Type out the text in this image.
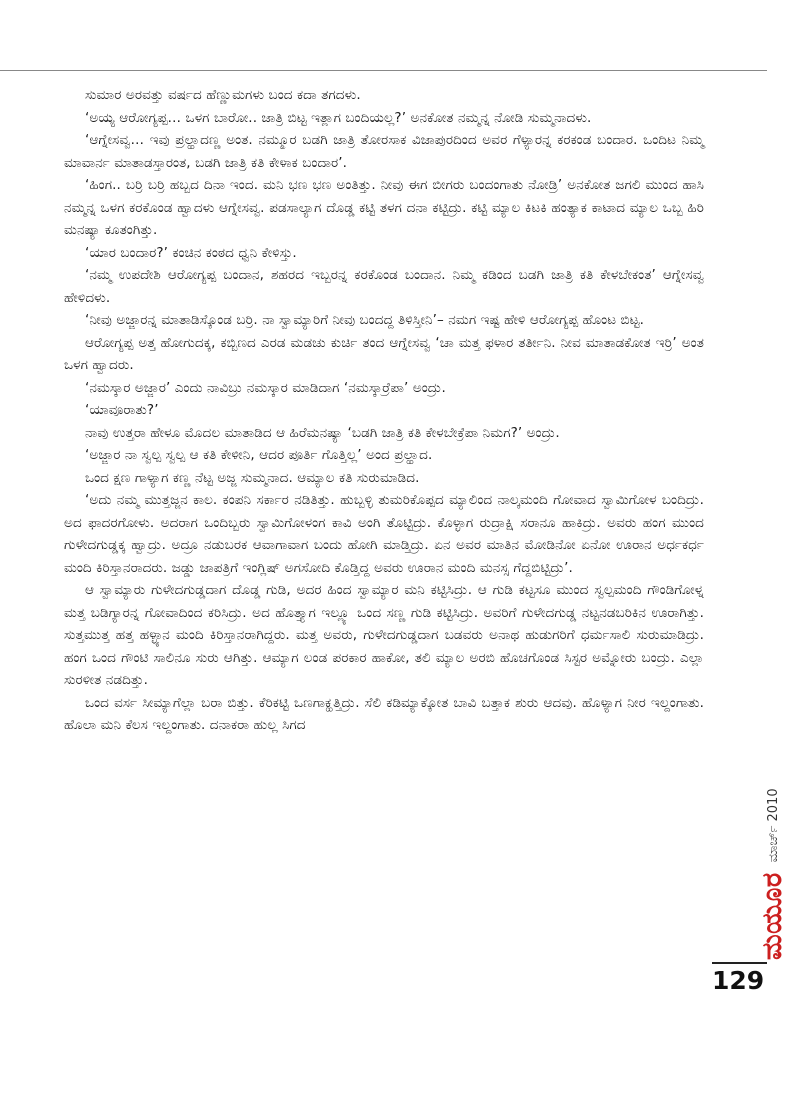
ಸುಮಾರ ಅರವತ್ತು ವರ್ಷದ ಹೆಣ್ಣುಮಗಳು ಬಂದ ಕದಾ ತಗದಳು.

‘ಅಯ್ಯ ಆರೋಗ್ಯಪ್ಪ… ಒಳಗ ಬಾರೋ.. ಜಾತ್ರಿ ಬಿಟ್ಟ ಇತ್ಲಾಗ ಬಂದಿಯಲ್ಲ?’ ಅನಕೋತ ನಮ್ಮನ್ನ ನೋಡಿ ಸುಮ್ಮನಾದಳು.

‘ಆಗ್ನೇಸವ್ವ… ಇವು ಪ್ರಲ್ಹಾದಣ್ಣ ಅಂತ. ನಮ್ಮೂರ ಬಡಗಿ ಜಾತ್ರಿ ತೋರಸಾಕ ವಿಜಾಪುರದಿಂದ ಅವರ ಗೆಳ್ಯಾರನ್ನ ಕರಕಂಡ ಬಂದಾರ. ಒಂದಿಟ ನಿಮ್ಮ ಮಾವಾರ್ನ ಮಾತಾಡಸ್ತಾರಂತ, ಬಡಗಿ ಜಾತ್ರಿ ಕತಿ ಕೇಳಾಕ ಬಂದಾರ’.

‘ಹಿಂಗ.. ಬರ್ರಿ ಬರ್ರಿ ಹಬ್ಬದ ದಿನಾ ಇಂದ. ಮನಿ ಭಣ ಭಣ ಅಂತಿತ್ತು. ನೀವು ಈಗ ಬೀಗರು ಬಂದಂಗಾತು ನೋಡ್ರಿ’ ಅನಕೋತ ಜಗಲಿ ಮುಂದ ಹಾಸಿ ನಮ್ಮನ್ನ ಒಳಗ ಕರಕೊಂಡ ಹ್ವಾದಳು ಆಗ್ನೇಸವ್ವ. ಪಡಸಾಲ್ಯಾಗ ದೊಡ್ಡ ಕಟ್ಟಿ ತಳಗ ದನಾ ಕಟ್ಟಿದ್ರು. ಕಟ್ಟಿ ಮ್ಯಾಲ ಕಿಟಕಿ ಹಂತ್ಯಾಕ ಕಾಟಾದ ಮ್ಯಾಲ ಒಬ್ಬ ಹಿರಿ ಮನಷ್ಯಾ ಕೂತಂಗಿತ್ತು.

‘ಯಾರ ಬಂದಾರ?’ ಕಂಚಿನ ಕಂಠದ ಧ್ವನಿ ಕೇಳಿಸ್ತು.

‘ನಮ್ಮ ಉಪದೇಶಿ ಆರೋಗ್ಯಪ್ಪ ಬಂದಾನ, ಶಹರದ ಇಬ್ಬರನ್ನ ಕರಕೊಂಡ ಬಂದಾನ. ನಿಮ್ಮ ಕಡಿಂದ ಬಡಗಿ ಜಾತ್ರಿ ಕತಿ ಕೇಳಬೇಕಂತ’ ಆಗ್ನೇಸವ್ವ ಹೇಳಿದಳು.

‘ನೀವು ಅಜ್ಜಾರನ್ನ ಮಾತಾಡಿಸ್ಕೊಂಡ ಬರ್ರಿ. ನಾ ಸ್ವಾಮ್ಯಾರಿಗೆ ನೀವು ಬಂದದ್ದ ತಿಳಿಸ್ತೀನಿ’– ನಮಗ ಇಷ್ಟ ಹೇಳಿ ಆರೋಗ್ಯಪ್ಪ ಹೊಂಟ ಬಿಟ್ಟ.

ಆರೋಗ್ಯಪ್ಪ ಅತ್ತ ಹೋಗುದಕ್ಕ, ಕಬ್ಬಿಣದ ಎರಡ ಮಡಚು ಕುರ್ಚಿ ತಂದ ಆಗ್ನೇಸವ್ವ ‘ಚಾ ಮತ್ತ ಫಳಾರ ತರ್ತೀನಿ. ನೀವ ಮಾತಾಡಕೋತ ಇರ್ರಿ’ ಅಂತ ಒಳಗ ಹ್ವಾದರು.

‘ನಮಸ್ಕಾರ ಅಜ್ಜಾರ’ ಎಂದು ನಾವಿಬ್ರು ನಮಸ್ಕಾರ ಮಾಡಿದಾಗ ‘ನಮಸ್ಕಾರ್ರೆಪಾ’ ಅಂದ್ರು.

‘ಯಾವೂರಾತು?’

ನಾವು ಉತ್ತರಾ ಹೇಳೂ ಮೊದಲ ಮಾತಾಡಿದ ಆ ಹಿರೆಮನಷ್ಯಾ ‘ಬಡಗಿ ಜಾತ್ರಿ ಕತಿ ಕೇಳಬೇಕ್ರೆಪಾ ನಿಮಗ?’ ಅಂದ್ರು.

‘ಅಜ್ಜಾರ ನಾ ಸ್ವಲ್ಪ ಸ್ವಲ್ಪ ಆ ಕತಿ ಕೇಳೀನಿ, ಆದರ ಪೂರ್ತಿ ಗೊತ್ತಿಲ್ಲ’ ಅಂದ ಪ್ರಲ್ಹಾದ.

ಒಂದ ಕ್ಷಣ ಗಾಳ್ಯಾಗ ಕಣ್ಣ ನೆಟ್ಟ ಅಜ್ಜ ಸುಮ್ಮನಾದ. ಆಮ್ಯಾಲ ಕತಿ ಸುರುಮಾಡಿದ.

‘ಅದು ನಮ್ಮ ಮುತ್ತಜ್ಜನ ಕಾಲ. ಕಂಪನಿ ಸರ್ಕಾರ ನಡಿತಿತ್ತು. ಹುಬ್ಬಳ್ಳಿ ತುಮರಿಕೊಪ್ಪದ ಮ್ಯಾಲಿಂದ ನಾಲ್ಕಮಂದಿ ಗೋವಾದ ಸ್ವಾಮಿಗೋಳ ಬಂದಿದ್ರು. ಅದ ಫಾದರಗೋಳು. ಅದರಾಗ ಒಂದಿಬ್ಬರು ಸ್ವಾಮಿಗೋಳಂಗ ಕಾವಿ ಅಂಗಿ ತೊಟ್ಟಿದ್ರು. ಕೊಳ್ಳಾಗ ರುದ್ರಾಕ್ಷಿ ಸರಾನೂ ಹಾಕಿದ್ರು. ಅವರು ಹಂಗ ಮುಂದ ಗುಳೇದಗುಡ್ಡಕ್ಕ ಹ್ವಾದ್ರು. ಅದ್ರೂ ನಡುಬರಕ ಆವಾಗಾವಾಗ ಬಂದು ಹೋಗಿ ಮಾಡ್ತಿದ್ರು. ಏನ ಅವರ ಮಾತಿನ ಮೋಡಿನೋ ಏನೋ ಊರಾನ ಅರ್ಧಕರ್ಧ ಮಂದಿ ಕಿರಿಸ್ತಾನರಾದರು. ಜಡ್ಡು ಜಾಪತ್ರಿಗೆ ಇಂಗ್ಲಿಷ್ ಅಗಸೋದಿ ಕೊಡ್ತಿದ್ದ ಅವರು ಊರಾನ ಮಂದಿ ಮನಸ್ಸ ಗೆದ್ದಬಿಟ್ಟಿದ್ರು’.

ಆ ಸ್ವಾಮ್ಯಾರು ಗುಳೇದಗುಡ್ಡದಾಗ ದೊಡ್ಡ ಗುಡಿ, ಅದರ ಹಿಂದ ಸ್ವಾಮ್ಯಾರ ಮನಿ ಕಟ್ಟಿಸಿದ್ರು. ಆ ಗುಡಿ ಕಟ್ಟಸೂ ಮುಂದ ಸ್ವಲ್ಪಮಂದಿ ಗೌಂಡಿಗೋಳ್ನ ಮತ್ತ ಬಡಿಗ್ಯಾರನ್ನ ಗೋವಾದಿಂದ ಕರಿಸಿದ್ರು. ಅದ ಹೊತ್ತ್ಯಾಗ ಇಲ್ಲ್ಯೂ ಒಂದ ಸಣ್ಣ ಗುಡಿ ಕಟ್ಟಿಸಿದ್ರು. ಅವರಿಗೆ ಗುಳೇದಗುಡ್ಡ ನಟ್ಟನಡಬರಿಕಿನ ಊರಾಗಿತ್ತು. ಸುತ್ತಮುತ್ತ ಹತ್ತ ಹಳ್ಳ್ಯಾನ ಮಂದಿ ಕಿರಿಸ್ತಾನರಾಗಿದ್ದರು. ಮತ್ತ ಅವರು, ಗುಳೇದಗುಡ್ಡದಾಗ ಬಡವರು ಅನಾಥ ಹುಡುಗರಿಗೆ ಧರ್ಮಸಾಲಿ ಸುರುಮಾಡಿದ್ರು. ಹಂಗ ಒಂದ ಗೌಂಟಿ ಸಾಲಿನೂ ಸುರು ಆಗಿತ್ತು. ಆಮ್ಯಾಗ ಲಂಡ ಪರಕಾರ ಹಾಕೋ, ತಲಿ ಮ್ಯಾಲ ಅರಬಿ ಹೊಚಗೊಂಡ ಸಿಸ್ಟರ ಅಮ್ನೋರು ಬಂದ್ರು. ಎಲ್ಲಾ ಸುರಳೀತ ನಡದಿತ್ತು.

ಒಂದ ವರ್ಸ ಸೀಮ್ಯಾಗೆಲ್ಲಾ ಬರಾ ಬಿತ್ತು. ಕೆರಿಕಟ್ಟಿ ಒಣಗಾಕ್ಹತ್ತಿದ್ರು. ಸೆಲಿ ಕಡಿಮ್ಯಾಕ್ಕೋತ ಬಾವಿ ಬತ್ತಾಕ ಶುರು ಆದವು. ಹೊಳ್ಯಾಗ ನೀರ ಇಲ್ದಂಗಾತು. ಹೊಲಾ ಮನಿ ಕೆಲಸ ಇಲ್ದಂಗಾತು. ದನಾಕರಾ ಹುಲ್ಲ ಸಿಗದ

ಮಯೂರ
ಮಾರ್ಚ್ 2010
129
